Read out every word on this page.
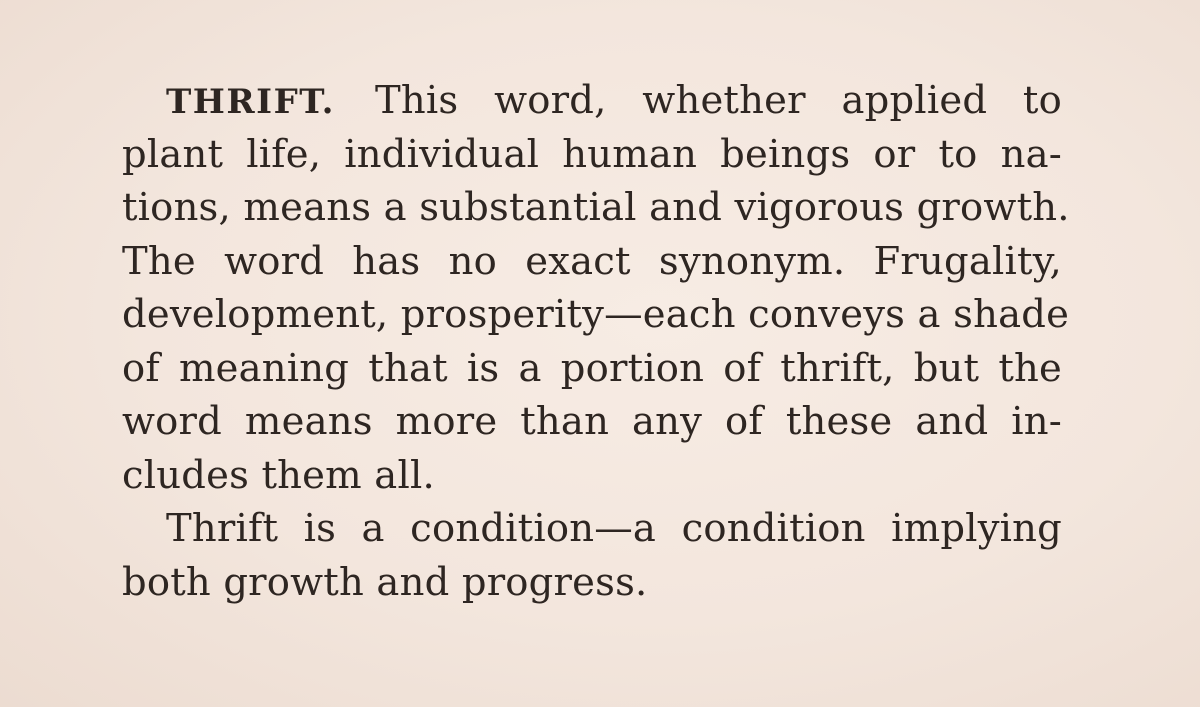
THRIFT. This word, whether applied to
plant life, individual human beings or to na-
tions, means a substantial and vigorous growth.
The word has no exact synonym. Frugality,
development, prosperity—each conveys a shade
of meaning that is a portion of thrift, but the
word means more than any of these and in-
cludes them all.
Thrift is a condition—a condition implying
both growth and progress.
